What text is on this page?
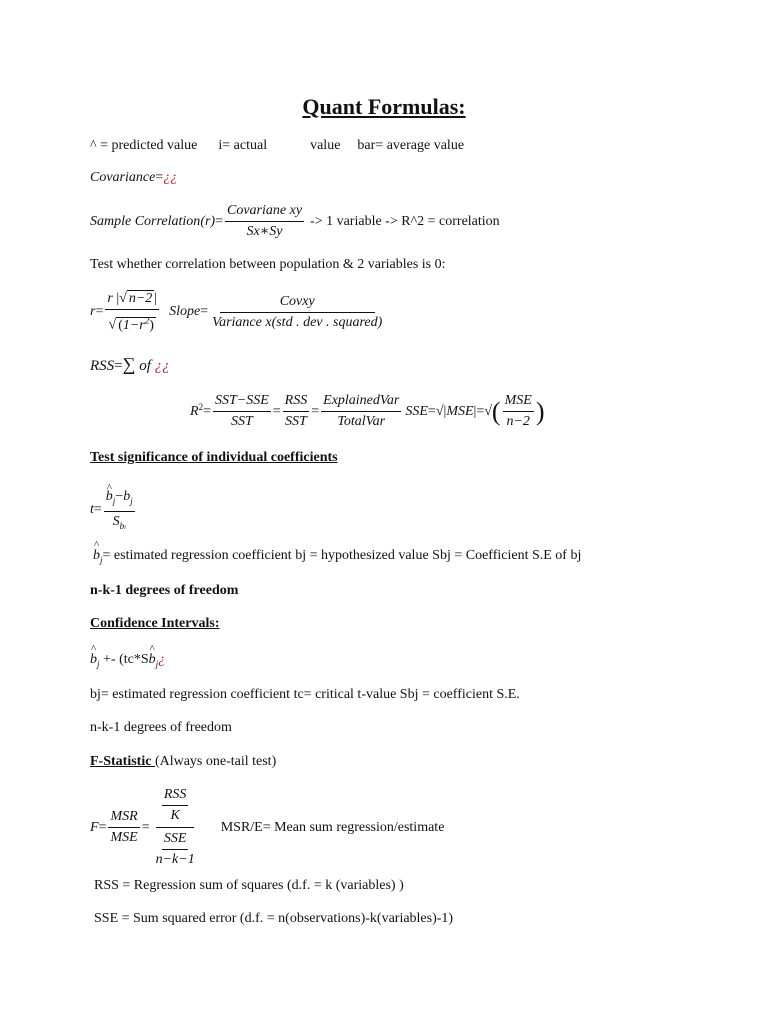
Quant Formulas:
^ = predicted value i= actual	value bar= average value
Covariance=¿¿
Sample Correlation $(r) = \frac{\text{Covariane xy}}{Sx∗Sy} -> 1$ variable -> R^2 = correlation
Test whether correlation between population & 2 variables is 0:
$r = \frac{r |√ n-2 |}{√ (1-r^2)}$ Slope = $\frac{\text{Covxy}}{\text{Variance x(std . dev . squared)}}$
RSS=∑ of ¿¿
R $2 = \frac{\text{SST−SSE}}{\text{SST}} = \frac{\text{RSS}}{\text{SST}} = \frac{\text{ExplainedVar}}{\text{TotalVar}}$ SSE =√| MSE |=√ ( $\frac{\text{MSE}}{n-2}$ )
Test significance of individual coefficients
t =
^ $\frac{b_j-b_j}{S_{bi}}$
^ $b_j=$ estimated regression coefficient bj = hypothesized value Sbj = Coefficient S.E of bj
n-k-1 degrees of freedom
Confidence Intervals:
^ $b_j$ +- (tc*S^ $b_j¿$
bj= estimated regression coefficient tc= critical t-value Sbj = coefficient S.E.
n-k-1 degrees of freedom
F-Statistic (Always one-tail test)
$F = \frac{\text{MSR}}{\text{MSE}} = \frac{\frac{\text{RSS}}{K}}{\frac{\text{SSE}}{n-k-1}} MSR/E=$ Mean sum regression/estimate
RSS = Regression sum of squares (d.f. = k (variables) )
SSE = Sum squared error (d.f. = n(observations)-k(variables)-1)
